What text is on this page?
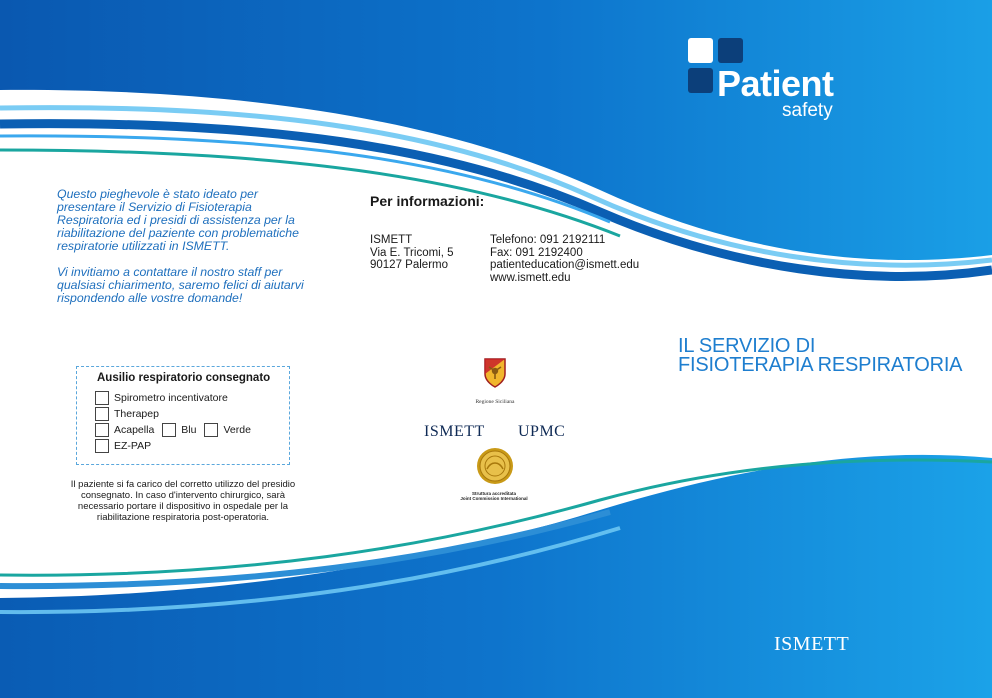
Patient
safety

Questo pieghevole è stato ideato per
presentare il Servizio di Fisioterapia
Respiratoria ed i presidi di assistenza per la
riabilitazione del paziente con problematiche
respiratorie utilizzati in ISMETT.

Vi invitiamo a contattare il nostro staff per
qualsiasi chiarimento, saremo felici di aiutarvi
rispondendo alle vostre domande!

Per informazioni:
ISMETT
Via E. Tricomi, 5
90127 Palermo
Telefono: 091 2192111
Fax: 091 2192400
patienteducation@ismett.edu
www.ismett.edu
IL SERVIZIO DI
FISIOTERAPIA RESPIRATORIA
Ausilio respiratorio consegnato
Spirometro incentivatore
Therapep
Acapella	Blu	Verde
EZ-PAP
Il paziente si fa carico del corretto utilizzo del presidio
consegnato. In caso d'intervento chirurgico, sarà
necessario portare il dispositivo in ospedale per la
riabilitazione respiratoria post-operatoria.
Regione Siciliana
ISMETT UPMC
Struttura accreditata
Joint Commission International
ISMETT
